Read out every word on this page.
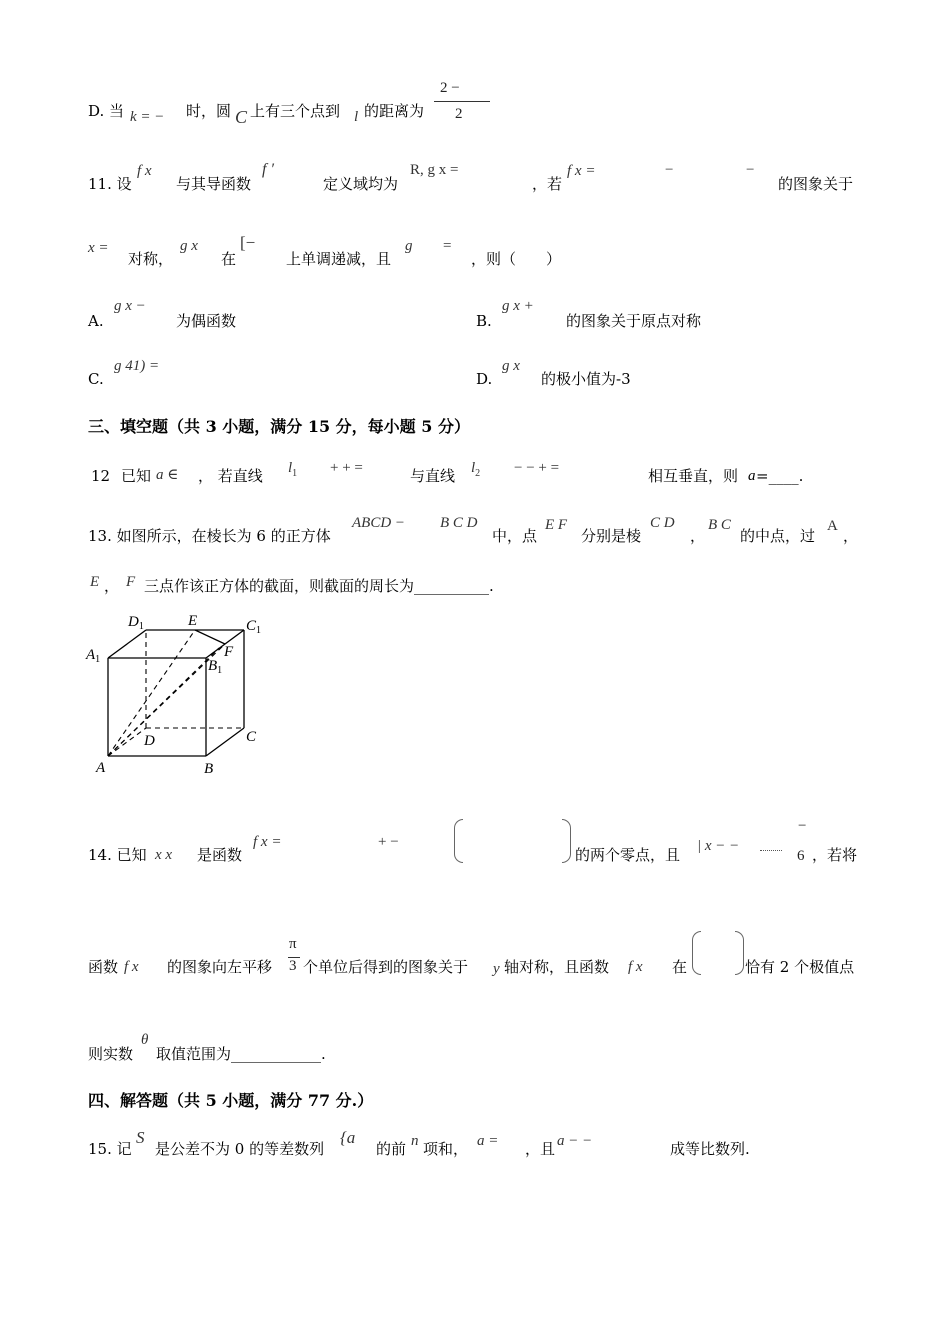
D. 当 k = − 时，圆 C 上有三个点到 l 的距离为
2 −
2
11. 设
f x
与其导函数
f ′
定义域均为
R, g x =
，若
f x =	−	−
的图象关于
x =
对称，
g x
在
[−
上单调递减，且
g =
，则（　　）
A.
g x −
为偶函数	B.
g x +
的图象关于原点对称
C.
g 41) =
D.
g x
的极小值为-3
三、填空题（共 3 小题，满分 15 分，每小题 5 分）
12 已知 a ∈ ， 若直线 $l_1$ + + =	与直线 $l_2$ − − + =	相互垂直，则 a =____.
13. 如图所示，在棱长为 6 的正方体
ABCD − B C D
中，点
E F
分别是棱
C D
，
B C
的中点，过
A
，
E ， F 三点作该正方体的截面，则截面的周长为__________.
$D_1$	E	$C_1$
$A_1$	F
$B_1$
D	C
A	B
14. 已知 x x 是函数
f x =	+ −
的两个零点，且 | x − −
−
6 ，若将
函数 f x 的图象向左平移
π
3 个单位后得到的图象关于 y 轴对称，且函数 f x 在	恰有 2 个极值点
则实数
θ
取值范围为____________.
四、解答题（共 5 小题，满分 77 分.）
15. 记
S
是公差不为 0 的等差数列
{a
的前 n 项和， a = ，且 a − −	成等比数列.
